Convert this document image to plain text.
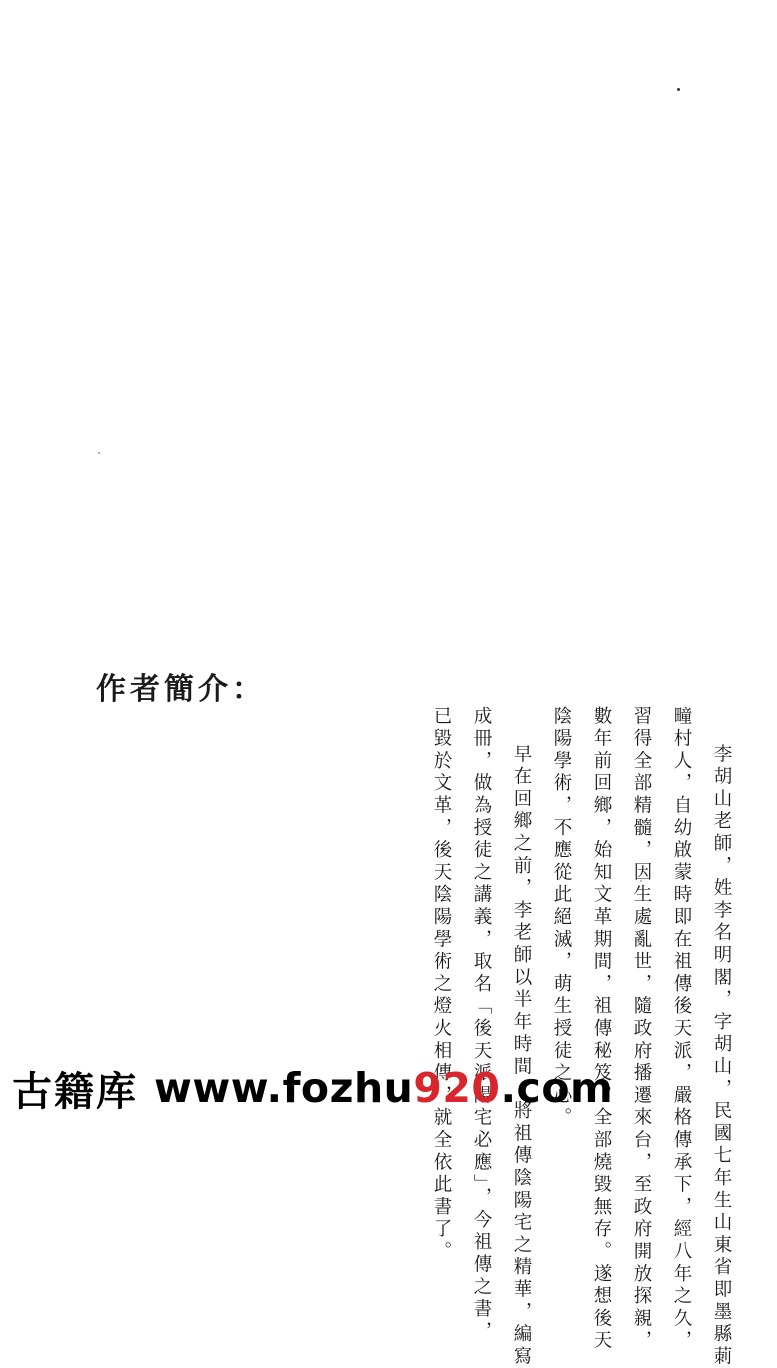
作者簡介：
李胡山老師，姓李名明閣，字胡山，民國七年生山東省即墨縣莿
疃村人，自幼啟蒙時即在祖傳後天派，嚴格傳承下，經八年之久，
習得全部精髓，因生處亂世，隨政府播遷來台，至政府開放探親，
數年前回鄉，始知文革期間，祖傳秘笈，全部燒毀無存。遂想後天
陰陽學術，不應從此絕滅，萌生授徒之心。
早在回鄉之前，李老師以半年時間，將祖傳陰陽宅之精華，編寫
成冊，做為授徒之講義，取名「後天派陽宅必應」，今祖傳之書，
已毀於文革，後天陰陽學術之燈火相傳，就全依此書了。
古籍库 www.fozhu920.com
